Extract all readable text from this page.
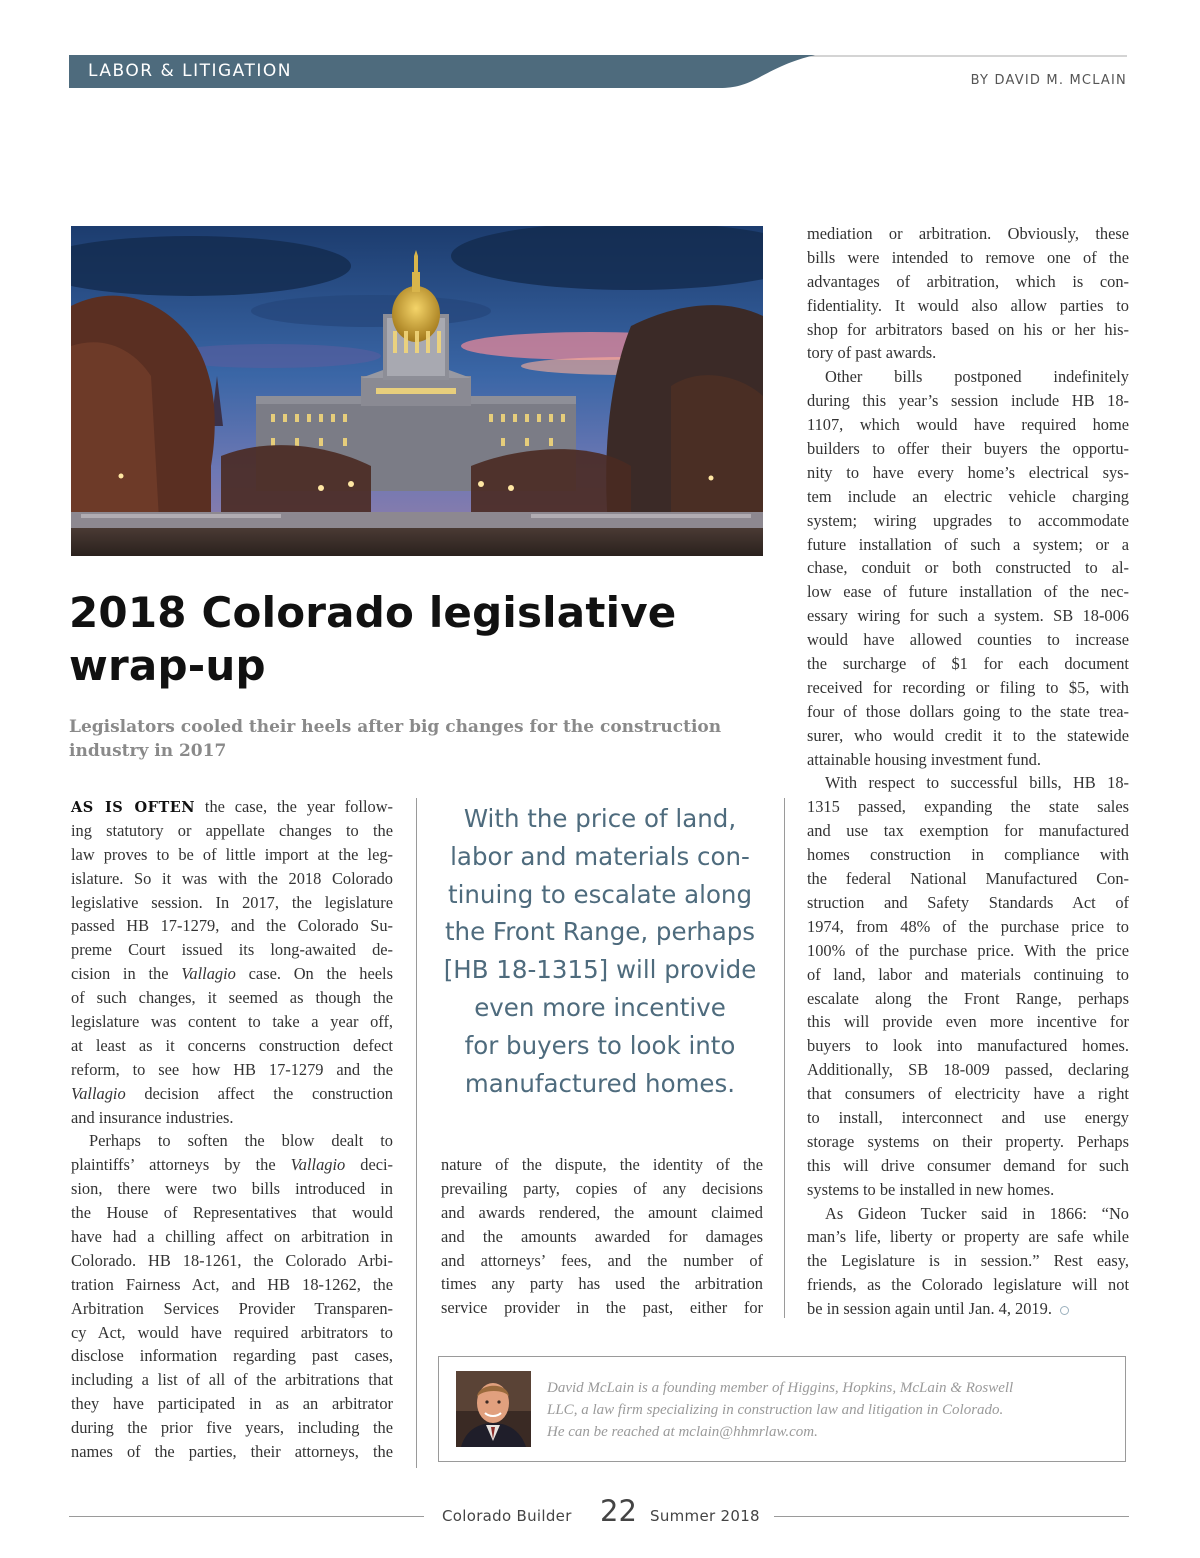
LABOR & LITIGATION	BY DAVID M. MCLAIN
2018 Colorado legislative
wrap-up
Legislators cooled their heels after big changes for the construction
industry in 2017
AS IS OFTEN the case, the year follow-
ing statutory or appellate changes to the
law proves to be of little import at the leg-
islature. So it was with the 2018 Colorado
legislative session. In 2017, the legislature
passed HB 17-1279, and the Colorado Su-
preme Court issued its long-awaited de-
cision in the Vallagio case. On the heels
of such changes, it seemed as though the
legislature was content to take a year off,
at least as it concerns construction defect
reform, to see how HB 17-1279 and the
Vallagio decision affect the construction
and insurance industries.
Perhaps to soften the blow dealt to
plaintiffs’ attorneys by the Vallagio deci-
sion, there were two bills introduced in
the House of Representatives that would
have had a chilling affect on arbitration in
Colorado. HB 18-1261, the Colorado Arbi-
tration Fairness Act, and HB 18-1262, the
Arbitration Services Provider Transparen-
cy Act, would have required arbitrators to
disclose information regarding past cases,
including a list of all of the arbitrations that
they have participated in as an arbitrator
during the prior five years, including the
names of the parties, their attorneys, the
With the price of land,
labor and materials con-
tinuing to escalate along
the Front Range, perhaps
[HB 18-1315] will provide
even more incentive
for buyers to look into
manufactured homes.
nature of the dispute, the identity of the
prevailing party, copies of any decisions
and awards rendered, the amount claimed
and the amounts awarded for damages
and attorneys’ fees, and the number of
times any party has used the arbitration
service provider in the past, either for
mediation or arbitration. Obviously, these
bills were intended to remove one of the
advantages of arbitration, which is con-
fidentiality. It would also allow parties to
shop for arbitrators based on his or her his-
tory of past awards.
Other bills postponed indefinitely
during this year’s session include HB 18-
1107, which would have required home
builders to offer their buyers the opportu-
nity to have every home’s electrical sys-
tem include an electric vehicle charging
system; wiring upgrades to accommodate
future installation of such a system; or a
chase, conduit or both constructed to al-
low ease of future installation of the nec-
essary wiring for such a system. SB 18-006
would have allowed counties to increase
the surcharge of $1 for each document
received for recording or filing to $5, with
four of those dollars going to the state trea-
surer, who would credit it to the statewide
attainable housing investment fund.
With respect to successful bills, HB 18-
1315 passed, expanding the state sales
and use tax exemption for manufactured
homes construction in compliance with
the federal National Manufactured Con-
struction and Safety Standards Act of
1974, from 48% of the purchase price to
100% of the purchase price. With the price
of land, labor and materials continuing to
escalate along the Front Range, perhaps
this will provide even more incentive for
buyers to look into manufactured homes.
Additionally, SB 18-009 passed, declaring
that consumers of electricity have a right
to install, interconnect and use energy
storage systems on their property. Perhaps
this will drive consumer demand for such
systems to be installed in new homes.
As Gideon Tucker said in 1866: “No
man’s life, liberty or property are safe while
the Legislature is in session.” Rest easy,
friends, as the Colorado legislature will not
be in session again until Jan. 4, 2019.
David McLain is a founding member of Higgins, Hopkins, McLain & Roswell
LLC, a law firm specializing in construction law and litigation in Colorado.
He can be reached at mclain@hhmrlaw.com.
Colorado Builder 22 Summer 2018
